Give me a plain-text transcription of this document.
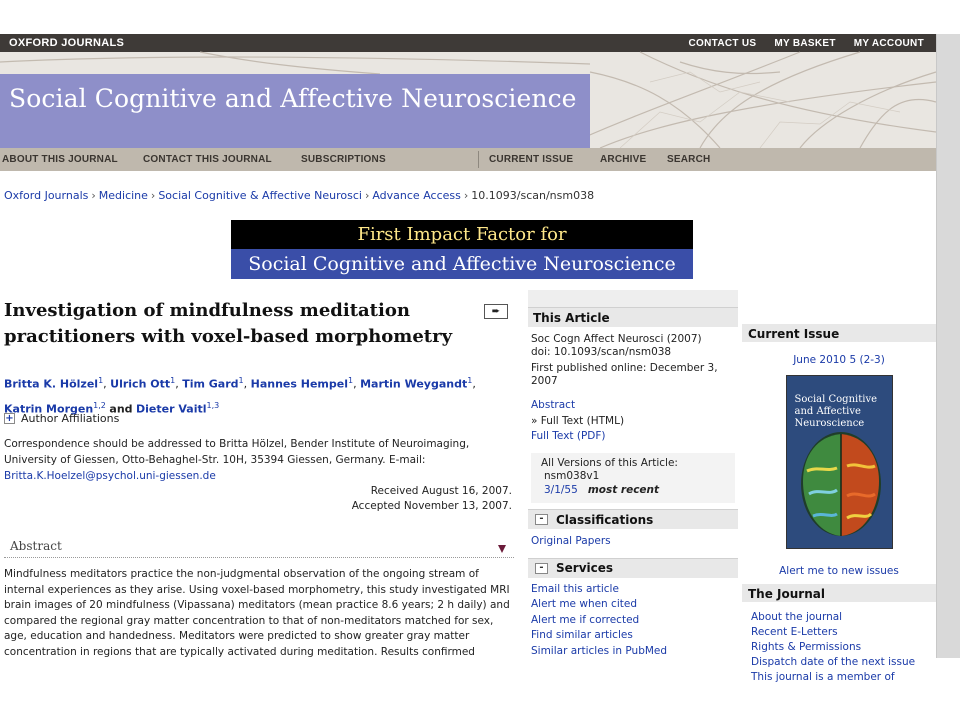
OXFORD JOURNALS	CONTACT US MY BASKET MY ACCOUNT
Social Cognitive and Affective Neuroscience
ABOUT THIS JOURNAL	CONTACT THIS JOURNAL	SUBSCRIPTIONS	CURRENT ISSUE	ARCHIVE SEARCH
Oxford Journals › Medicine › Social Cognitive & Affective Neurosci › Advance Access › 10.1093/scan/nsm038
First Impact Factor for
Social Cognitive and Affective Neuroscience
Investigation of mindfulness meditation practitioners with voxel-based morphometry
➨
Britta K. Hölzel$^1$, Ulrich Ott$^1$, Tim Gard$^1$, Hannes Hempel$^1$, Martin Weygandt$^1$,
Katrin Morgen$^{1,2}$ and Dieter Vaitl$^{1,3}$
+ Author Affiliations
Correspondence should be addressed to Britta Hölzel, Bender Institute of Neuroimaging, University of Giessen, Otto-Behaghel-Str. 10H, 35394 Giessen, Germany. E-mail:
Britta.K.Hoelzel@psychol.uni-giessen.de
Received August 16, 2007.
Accepted November 13, 2007.
Abstract
Mindfulness meditators practice the non-judgmental observation of the ongoing stream of internal experiences as they arise. Using voxel-based morphometry, this study investigated MRI brain images of 20 mindfulness (Vipassana) meditators (mean practice 8.6 years; 2 h daily) and compared the regional gray matter concentration to that of non-meditators matched for sex, age, education and handedness. Meditators were predicted to show greater gray matter concentration in regions that are typically activated during meditation. Results confirmed
This Article
Soc Cogn Affect Neurosci (2007)
doi: 10.1093/scan/nsm038
First published online: December 3, 2007
Abstract
» Full Text (HTML)
Full Text (PDF)
All Versions of this Article:
nsm038v1
3/1/55 most recent
-	Classifications
Original Papers
-	Services
Email this article
Alert me when cited
Alert me if corrected
Find similar articles
Similar articles in PubMed
Current Issue
June 2010 5 (2-3)
Social Cognitive and Affective Neuroscience
Alert me to new issues
The Journal
About the journal
Recent E-Letters
Rights & Permissions
Dispatch date of the next issue
This journal is a member of
